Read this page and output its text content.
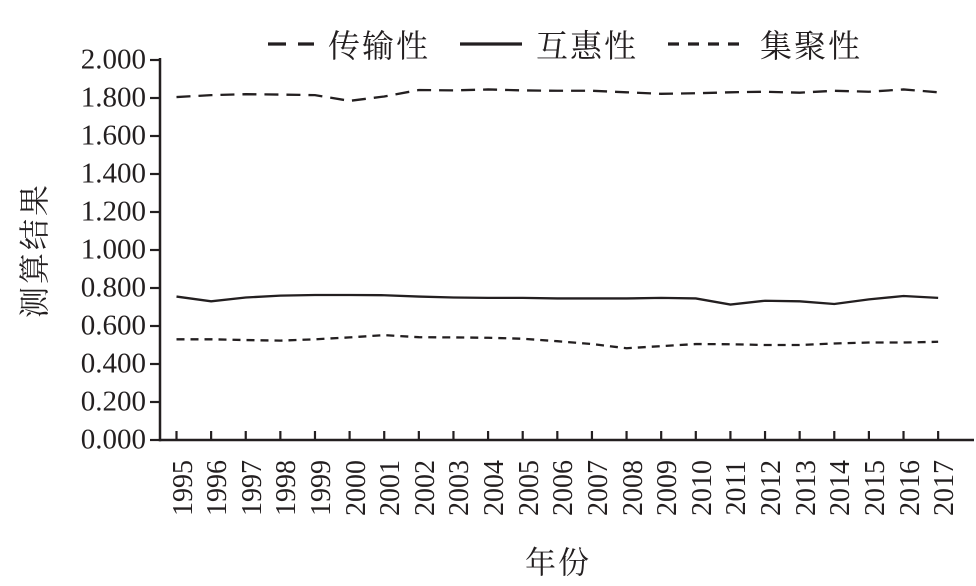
传输性	互惠性	集聚性
0.000
0.200
0.400
0.600
0.800
1.000
1.200
1.400
1.600
1.800
2.000
1995 1996 1997 1998 1999 2000 2001 2002 2003 2004 2005 2006 2007 2008 2009 2010 2011 2012 2013 2014 2015 2016 2017
测算结果
年份
